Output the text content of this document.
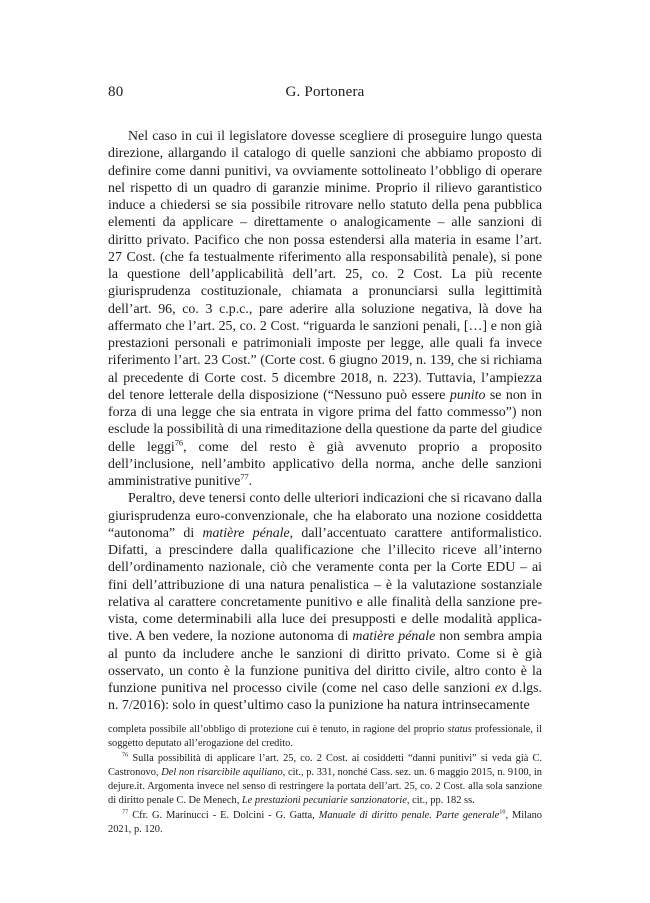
80	G. Portonera

Nel caso in cui il legislatore dovesse scegliere di proseguire lungo questa direzione, allargando il catalogo di quelle sanzioni che abbiamo proposto di definire come danni punitivi, va ovviamente sottolineato l’obbligo di operare nel rispetto di un quadro di garanzie minime. Proprio il rilievo garantistico induce a chiedersi se sia possibile ritrovare nello statuto della pena pubblica elementi da applicare – direttamente o analogicamente – alle sanzioni di diritto privato. Pacifico che non possa estendersi alla materia in esame l’art. 27 Cost. (che fa testualmente riferimento alla responsabilità penale), si pone la questione dell’applicabilità dell’art. 25, co. 2 Cost. La più recente giurisprudenza costituzionale, chiamata a pronunciarsi sulla legittimità dell’art. 96, co. 3 c.p.c., pare aderire alla soluzione negativa, là dove ha affermato che l’art. 25, co. 2 Cost. “riguarda le sanzioni penali, […] e non già prestazioni personali e patrimoniali imposte per legge, alle quali fa invece riferimento l’art. 23 Cost.” (Corte cost. 6 giugno 2019, n. 139, che si richiama al precedente di Corte cost. 5 dicembre 2018, n. 223). Tuttavia, l’ampiezza del tenore letterale della disposizione (“Nessuno può essere punito se non in forza di una legge che sia entrata in vigore prima del fatto commesso”) non esclude la possibilità di una rimeditazione della questione da parte del giudice delle leggi$^{76}$, come del resto è già avvenuto proprio a proposito dell’inclusione, nell’ambito applicativo della norma, anche delle sanzioni amministrative punitive$^{77}$.

Peraltro, deve tenersi conto delle ulteriori indicazioni che si ricavano dalla giurisprudenza euro-convenzionale, che ha elaborato una nozione cosiddetta “autonoma” di matière pénale, dall’accentuato carattere antiformalistico. Difatti, a prescindere dalla qualificazione che l’illecito riceve all’interno dell’ordinamento nazionale, ciò che veramente conta per la Corte EDU – ai fini dell’attribuzione di una natura penalistica – è la valutazione sostanziale relativa al carattere concretamente punitivo e alle finalità della sanzione prevista, come determinabili alla luce dei presupposti e delle modalità applicative. A ben vedere, la nozione autonoma di matière pénale non sembra ampia al punto da includere anche le sanzioni di diritto privato. Come si è già osservato, un conto è la funzione punitiva del diritto civile, altro conto è la funzione punitiva nel processo civile (come nel caso delle sanzioni ex d.lgs. n. 7/2016): solo in quest’ultimo caso la punizione ha natura intrinsecamente

completa possibile all’obbligo di protezione cui è tenuto, in ragione del proprio status professionale, il soggetto deputato all’erogazione del credito.

$^{76}$ Sulla possibilità di applicare l’art. 25, co. 2 Cost. ai cosiddetti “danni punitivi” si veda già C. Castronovo, Del non risarcibile aquiliano, cit., p. 331, nonché Cass. sez. un. 6 maggio 2015, n. 9100, in dejure.it. Argomenta invece nel senso di restringere la portata dell’art. 25, co. 2 Cost. alla sola sanzione di diritto penale C. De Menech, Le prestazioni pecuniarie sanzionatorie, cit., pp. 182 ss.

$^{77}$ Cfr. G. Marinucci - E. Dolcini - G. Gatta, Manuale di diritto penale. Parte generale$^{10}$, Milano 2021, p. 120.
